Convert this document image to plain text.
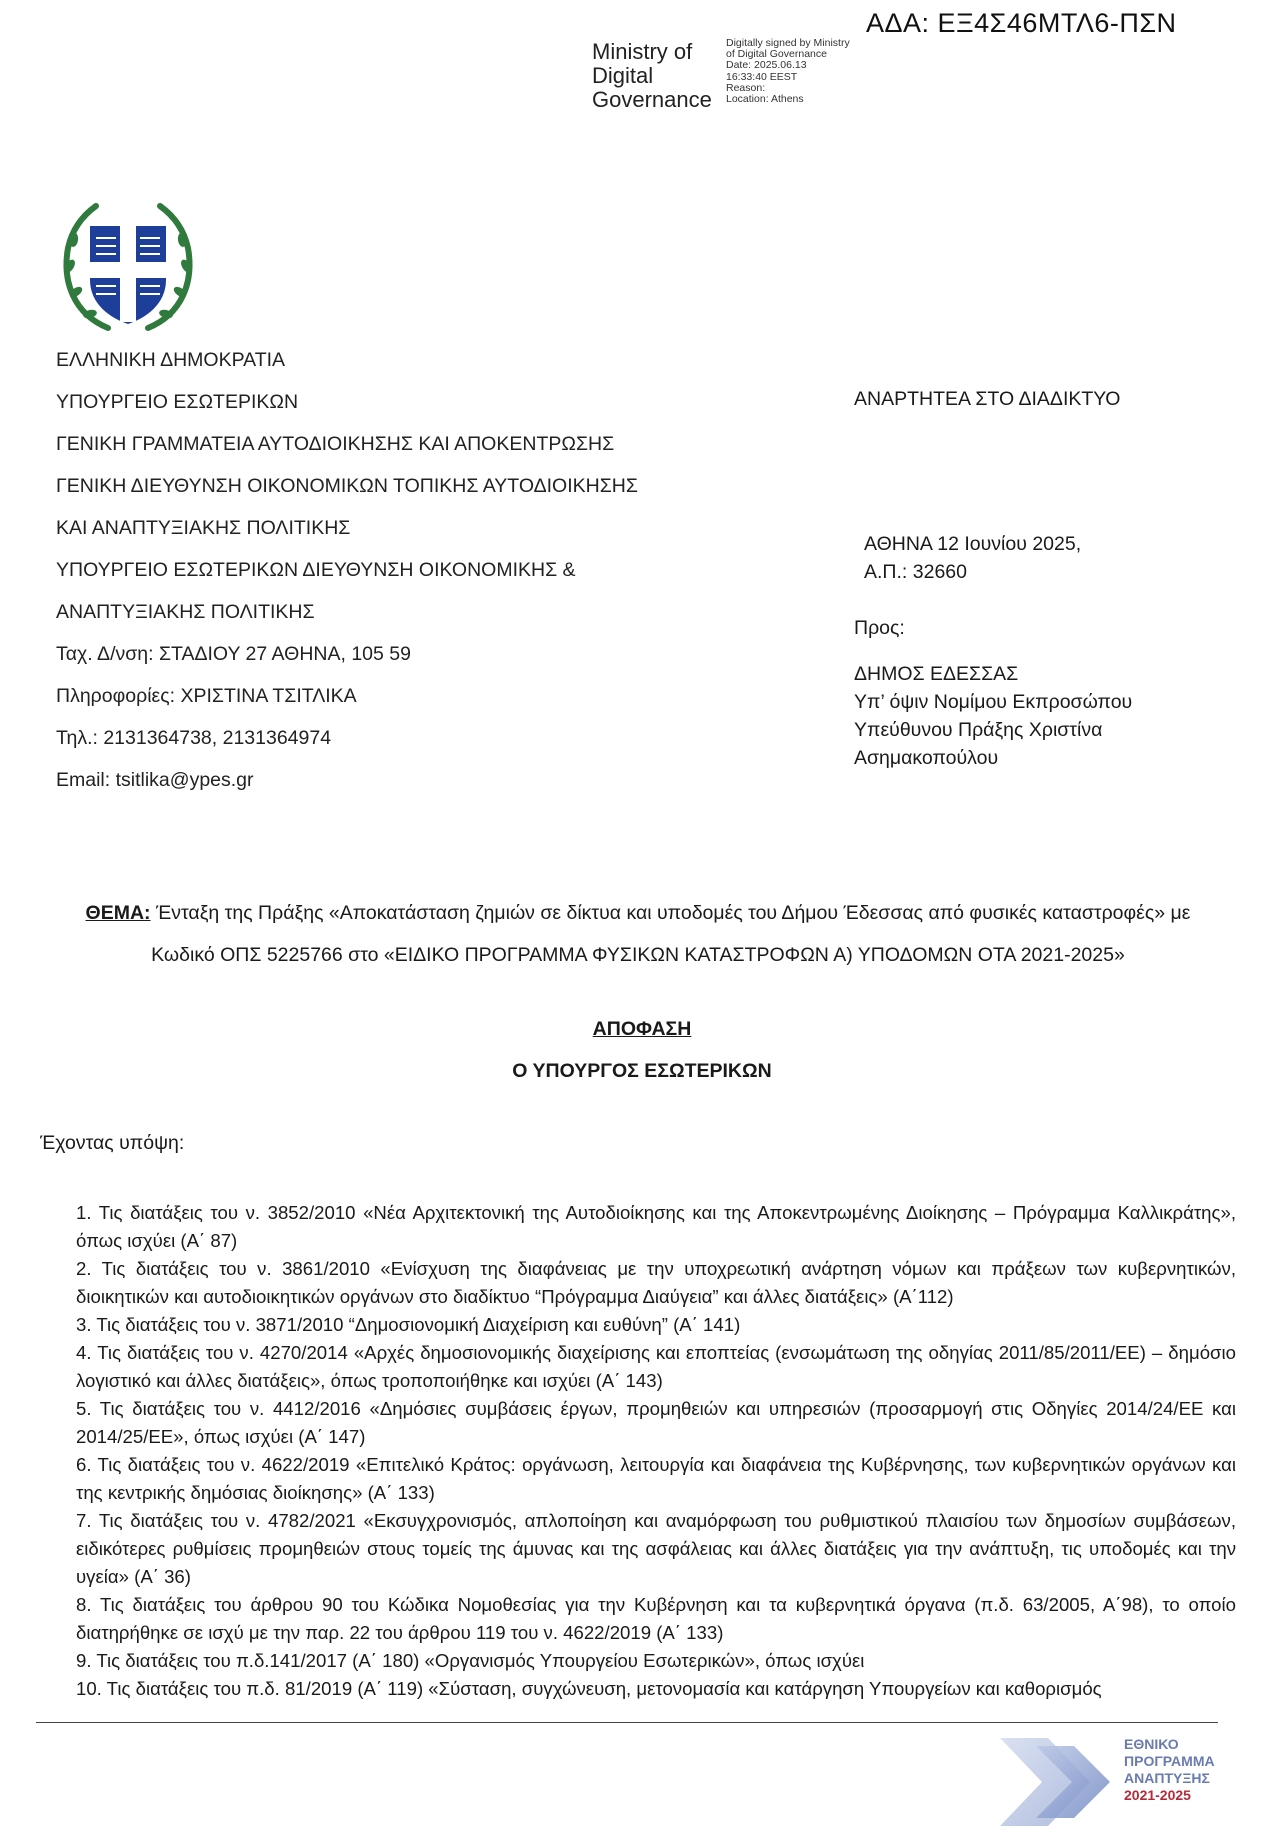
ΑΔΑ: ΕΞ4Σ46ΜΤΛ6-ΠΣΝ
Ministry of
Digital
Governance
Digitally signed by Ministry
of Digital Governance
Date: 2025.06.13
16:33:40 EEST
Reason:
Location: Athens
ΕΛΛΗΝΙΚΗ ΔΗΜΟΚΡΑΤΙΑ
ΥΠΟΥΡΓΕΙΟ ΕΣΩΤΕΡΙΚΩΝ
ΓΕΝΙΚΗ ΓΡΑΜΜΑΤΕΙΑ ΑΥΤΟΔΙΟΙΚΗΣΗΣ ΚΑΙ ΑΠΟΚΕΝΤΡΩΣΗΣ
ΓΕΝΙΚΗ ΔΙΕΥΘΥΝΣΗ ΟΙΚΟΝΟΜΙΚΩΝ ΤΟΠΙΚΗΣ ΑΥΤΟΔΙΟΙΚΗΣΗΣ
ΚΑΙ ΑΝΑΠΤΥΞΙΑΚΗΣ ΠΟΛΙΤΙΚΗΣ
ΥΠΟΥΡΓΕΙΟ ΕΣΩΤΕΡΙΚΩΝ ΔΙΕΥΘΥΝΣΗ ΟΙΚΟΝΟΜΙΚΗΣ &
ΑΝΑΠΤΥΞΙΑΚΗΣ ΠΟΛΙΤΙΚΗΣ
Ταχ. Δ/νση: ΣΤΑΔΙΟΥ 27 ΑΘΗΝΑ, 105 59
Πληροφορίες: ΧΡΙΣΤΙΝΑ ΤΣΙΤΛΙΚΑ
Τηλ.: 2131364738, 2131364974
Email: tsitlika@ypes.gr
ΑΝΑΡΤΗΤΕΑ ΣΤΟ ΔΙΑΔΙΚΤΥΟ
ΑΘΗΝΑ 12 Ιουνίου 2025,
Α.Π.: 32660
Προς:
ΔΗΜΟΣ ΕΔΕΣΣΑΣ
Υπ’ όψιν Νομίμου Εκπροσώπου
Υπεύθυνου Πράξης Χριστίνα
Ασημακοπούλου
ΘΕΜΑ: Ένταξη της Πράξης «Αποκατάσταση ζημιών σε δίκτυα και υποδομές του Δήμου Έδεσσας από φυσικές καταστροφές» με
Κωδικό ΟΠΣ 5225766 στο «ΕΙΔΙΚΟ ΠΡΟΓΡΑΜΜΑ ΦΥΣΙΚΩΝ ΚΑΤΑΣΤΡΟΦΩΝ Α) ΥΠΟΔΟΜΩΝ ΟΤΑ 2021-2025»
ΑΠΟΦΑΣΗ
Ο ΥΠΟΥΡΓΟΣ ΕΣΩΤΕΡΙΚΩΝ
Έχοντας υπόψη:

1. Τις διατάξεις του ν. 3852/2010 «Νέα Αρχιτεκτονική της Αυτοδιοίκησης και της Αποκεντρωμένης Διοίκησης – Πρόγραμμα Καλλικράτης», όπως ισχύει (Α΄ 87)

2. Τις διατάξεις του ν. 3861/2010 «Ενίσχυση της διαφάνειας με την υποχρεωτική ανάρτηση νόμων και πράξεων των κυβερνητικών, διοικητικών και αυτοδιοικητικών οργάνων στο διαδίκτυο “Πρόγραμμα Διαύγεια” και άλλες διατάξεις» (Α΄112)

3. Τις διατάξεις του ν. 3871/2010 “Δημοσιονομική Διαχείριση και ευθύνη” (Α΄ 141)

4. Τις διατάξεις του ν. 4270/2014 «Αρχές δημοσιονομικής διαχείρισης και εποπτείας (ενσωμάτωση της οδηγίας 2011/85/2011/ΕΕ) – δημόσιο λογιστικό και άλλες διατάξεις», όπως τροποποιήθηκε και ισχύει (Α΄ 143)

5. Τις διατάξεις του ν. 4412/2016 «Δημόσιες συμβάσεις έργων, προμηθειών και υπηρεσιών (προσαρμογή στις Οδηγίες 2014/24/ΕΕ και 2014/25/ΕΕ», όπως ισχύει (Α΄ 147)

6. Τις διατάξεις του ν. 4622/2019 «Επιτελικό Κράτος: οργάνωση, λειτουργία και διαφάνεια της Κυβέρνησης, των κυβερνητικών οργάνων και της κεντρικής δημόσιας διοίκησης» (Α΄ 133)

7. Τις διατάξεις του ν. 4782/2021 «Εκσυγχρονισμός, απλοποίηση και αναμόρφωση του ρυθμιστικού πλαισίου των δημοσίων συμβάσεων, ειδικότερες ρυθμίσεις προμηθειών στους τομείς της άμυνας και της ασφάλειας και άλλες διατάξεις για την ανάπτυξη, τις υποδομές και την υγεία» (Α΄ 36)

8. Τις διατάξεις του άρθρου 90 του Κώδικα Νομοθεσίας για την Κυβέρνηση και τα κυβερνητικά όργανα (π.δ. 63/2005, Α΄98), το οποίο διατηρήθηκε σε ισχύ με την παρ. 22 του άρθρου 119 του ν. 4622/2019 (Α΄ 133)

9. Τις διατάξεις του π.δ.141/2017 (Α΄ 180) «Οργανισμός Υπουργείου Εσωτερικών», όπως ισχύει

10. Τις διατάξεις του π.δ. 81/2019 (Α΄ 119) «Σύσταση, συγχώνευση, μετονομασία και κατάργηση Υπουργείων και καθορισμός

ΕΘΝΙΚΟ
ΠΡΟΓΡΑΜΜΑ
ΑΝΑΠΤΥΞΗΣ
2021-2025
